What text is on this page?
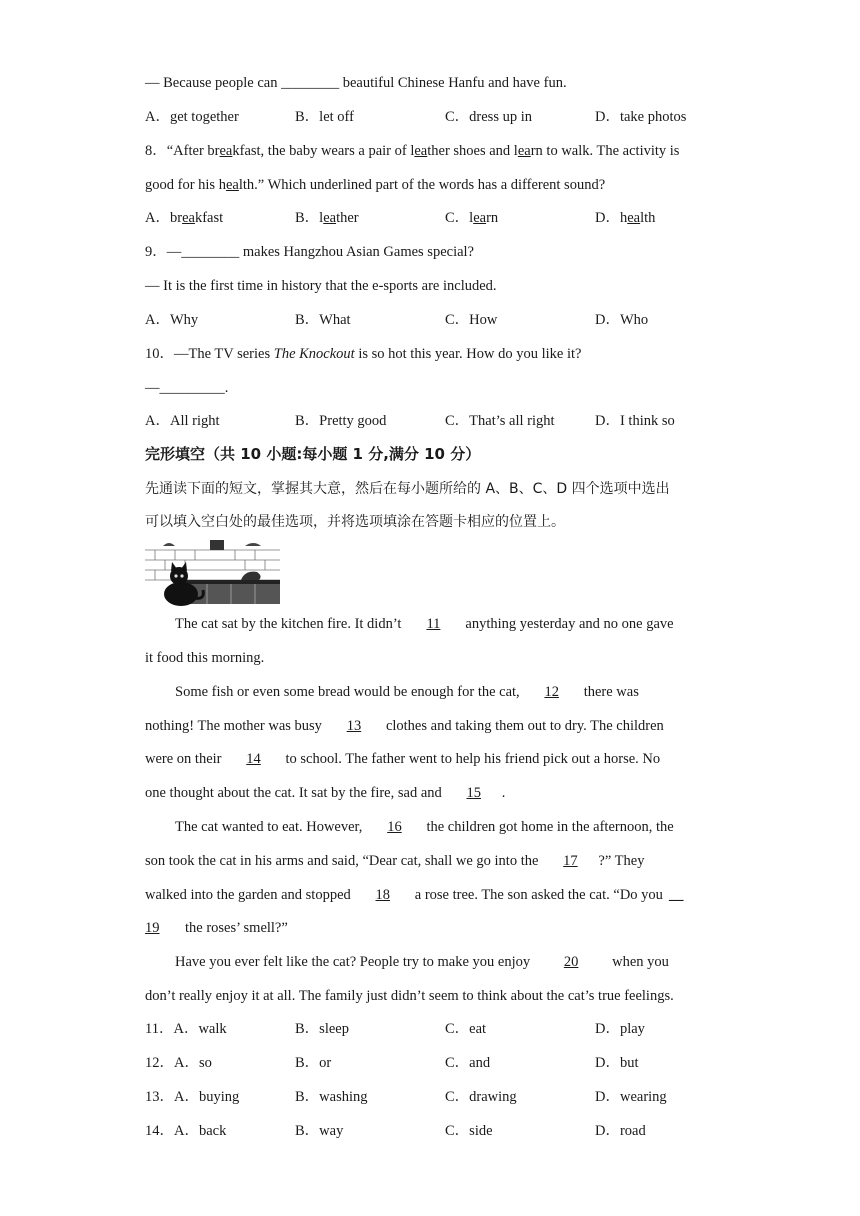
— Because people can ________ beautiful Chinese Hanfu and have fun.
A．get together	B．let off	C．dress up in	D．take photos
8．“After breakfast, the baby wears a pair of leather shoes and learn to walk. The activity is
good for his health.” Which underlined part of the words has a different sound?
A．breakfast	B．leather	C．learn	D．health
9．—________ makes Hangzhou Asian Games special?
— It is the first time in history that the e-sports are included.
A．Why	B．What	C．How	D．Who
10．—The TV series The Knockout is so hot this year. How do you like it?
—_________.
A．All right	B．Pretty good	C．That’s all right	D．I think so
完形填空（共 10 小题:每小题 1 分,满分 10 分）
先通读下面的短文，掌握其大意，然后在每小题所给的 A、B、C、D 四个选项中选出
可以填入空白处的最佳选项，并将选项填涂在答题卡相应的位置上。
The cat sat by the kitchen fire. It didn’t 11 anything yesterday and no one gave
it food this morning.
Some fish or even some bread would be enough for the cat, 12 there was
nothing! The mother was busy 13 clothes and taking them out to dry. The children
were on their 14 to school. The father went to help his friend pick out a horse. No
one thought about the cat. It sat by the fire, sad and 15 .
The cat wanted to eat. However, 16 the children got home in the afternoon, the
son took the cat in his arms and said, “Dear cat, shall we go into the 17 ?” They
walked into the garden and stopped 18 a rose tree. The son asked the cat. “Do you __
19 the roses’ smell?”
Have you ever felt like the cat? People try to make you enjoy 20 when you
don’t really enjoy it at all. The family just didn’t seem to think about the cat’s true feelings.
11．A．walk	B．sleep	C．eat	D．play
12．A．so	B．or	C．and	D．but
13．A．buying	B．washing	C．drawing	D．wearing
14．A．back	B．way	C．side	D．road
